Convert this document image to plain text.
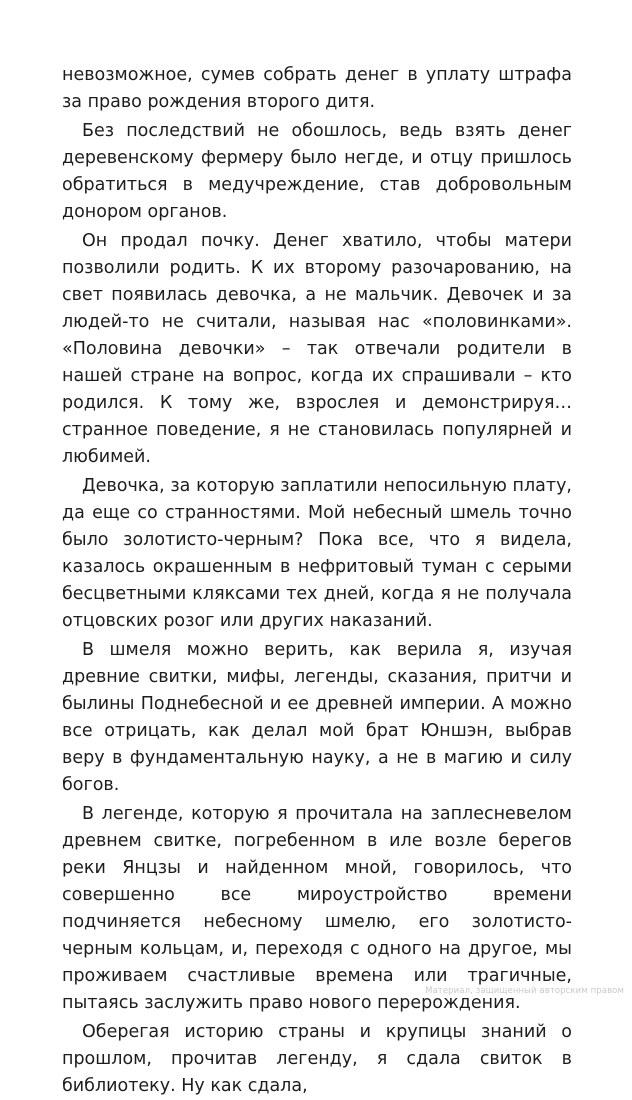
невозможное, сумев собрать денег в уплату штрафа за право рождения второго дитя.

Без последствий не обошлось, ведь взять денег деревенскому фермеру было негде, и отцу пришлось обратиться в медучреждение, став добровольным донором органов.

Он продал почку. Денег хватило, чтобы матери позволили родить. К их второму разочарованию, на свет появилась девочка, а не мальчик. Девочек и за людей-то не считали, называя нас «половинками». «Половина девочки» – так отвечали родители в нашей стране на вопрос, когда их спрашивали – кто родился. К тому же, взрослея и демонстрируя… странное поведение, я не становилась популярней и любимей.

Девочка, за которую заплатили непосильную плату, да еще со странностями. Мой небесный шмель точно было золотисто-черным? Пока все, что я видела, казалось окрашенным в нефритовый туман с серыми бесцветными кляксами тех дней, когда я не получала отцовских розог или других наказаний.

В шмеля можно верить, как верила я, изучая древние свитки, мифы, легенды, сказания, притчи и былины Поднебесной и ее древней империи. А можно все отрицать, как делал мой брат Юншэн, выбрав веру в фундаментальную науку, а не в магию и силу богов.

В легенде, которую я прочитала на заплесневелом древнем свитке, погребенном в иле возле берегов реки Янцзы и найденном мной, говорилось, что совершенно все мироустройство времени подчиняется небесному шмелю, его золотисто-черным кольцам, и, переходя с одного на другое, мы проживаем счастливые времена или трагичные, пытаясь заслужить право нового перерождения.

Оберегая историю страны и крупицы знаний о прошлом, прочитав легенду, я сдала свиток в библиотеку. Ну как сдала,

Материал, защищенный авторским правом
